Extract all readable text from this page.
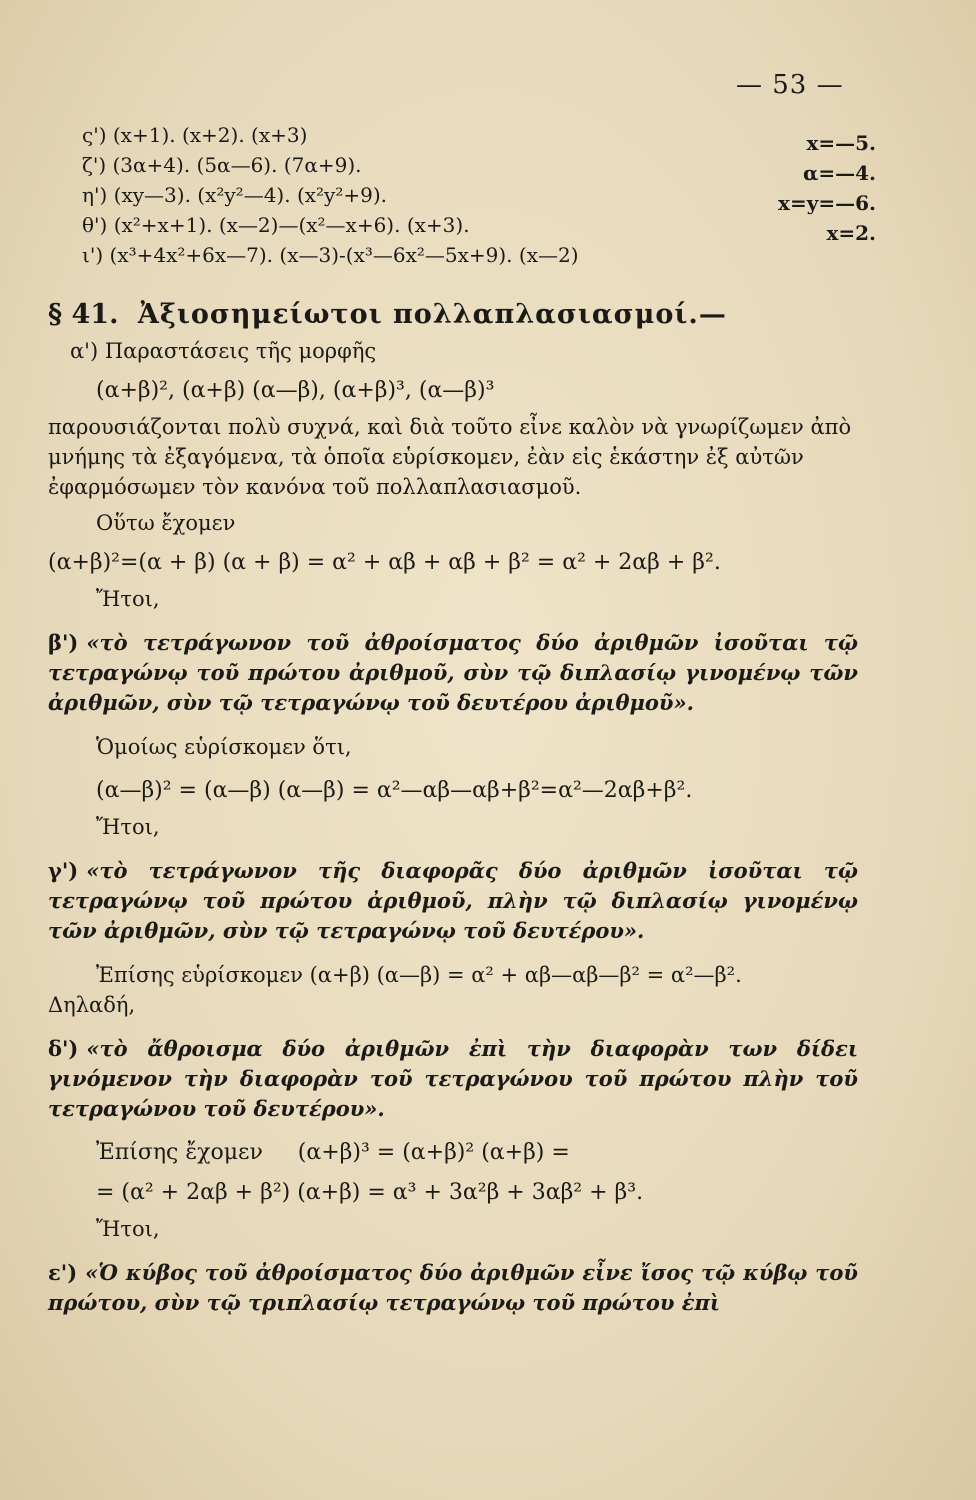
— 53 —
ς') (x+1). (x+2). (x+3)
ζ') (3α+4). (5α—6). (7α+9).
η') (xy—3). (x²y²—4). (x²y²+9).
θ') (x²+x+1). (x—2)—(x²—x+6). (x+3).
ι') (x³+4x²+6x—7). (x—3)-(x³—6x²—5x+9). (x—2)
x=—5.
α=—4.
x=y=—6.
x=2.
§ 41. Ἀξιοσημείωτοι πολλαπλασιασμοί.—

α') Παραστάσεις τῆς μορφῆς

(α+β)², (α+β) (α—β), (α+β)³, (α—β)³

παρουσιάζονται πολὺ συχνά, καὶ διὰ τοῦτο εἶνε καλὸν νὰ γνωρίζωμεν ἀπὸ μνήμης τὰ ἐξαγόμενα, τὰ ὁποῖα εὑρίσκομεν, ἐὰν εἰς ἑκάστην ἐξ αὐτῶν ἐφαρμόσωμεν τὸν κανόνα τοῦ πολλαπλασιασμοῦ.

Οὕτω ἔχομεν

(α+β)²=(α + β) (α + β) = α² + αβ + αβ + β² = α² + 2αβ + β².

Ἤτοι,

β') «τὸ τετράγωνον τοῦ ἀθροίσματος δύο ἀριθμῶν ἰσοῦται τῷ τετραγώνῳ τοῦ πρώτου ἀριθμοῦ, σὺν τῷ διπλασίῳ γινομένῳ τῶν ἀριθμῶν, σὺν τῷ τετραγώνῳ τοῦ δευτέρου ἀριθμοῦ».

Ὁμοίως εὑρίσκομεν ὅτι,

(α—β)² = (α—β) (α—β) = α²—αβ—αβ+β²=α²—2αβ+β².

Ἤτοι,

γ') «τὸ τετράγωνον τῆς διαφορᾶς δύο ἀριθμῶν ἰσοῦται τῷ τετραγώνῳ τοῦ πρώτου ἀριθμοῦ, πλὴν τῷ διπλασίῳ γινομένῳ τῶν ἀριθμῶν, σὺν τῷ τετραγώνῳ τοῦ δευτέρου».

Ἐπίσης εὑρίσκομεν (α+β) (α—β) = α² + αβ—αβ—β² = α²—β².

Δηλαδή,

δ') «τὸ ἄθροισμα δύο ἀριθμῶν ἐπὶ τὴν διαφορὰν των δίδει γινόμενον τὴν διαφορὰν τοῦ τετραγώνου τοῦ πρώτου πλὴν τοῦ τετραγώνου τοῦ δευτέρου».

Ἐπίσης ἔχομεν (α+β)³ = (α+β)² (α+β) =

= (α² + 2αβ + β²) (α+β) = α³ + 3α²β + 3αβ² + β³.

Ἤτοι,

ε') «Ὁ κύβος τοῦ ἀθροίσματος δύο ἀριθμῶν εἶνε ἴσος τῷ κύβῳ τοῦ πρώτου, σὺν τῷ τριπλασίῳ τετραγώνῳ τοῦ πρώτου ἐπὶ
